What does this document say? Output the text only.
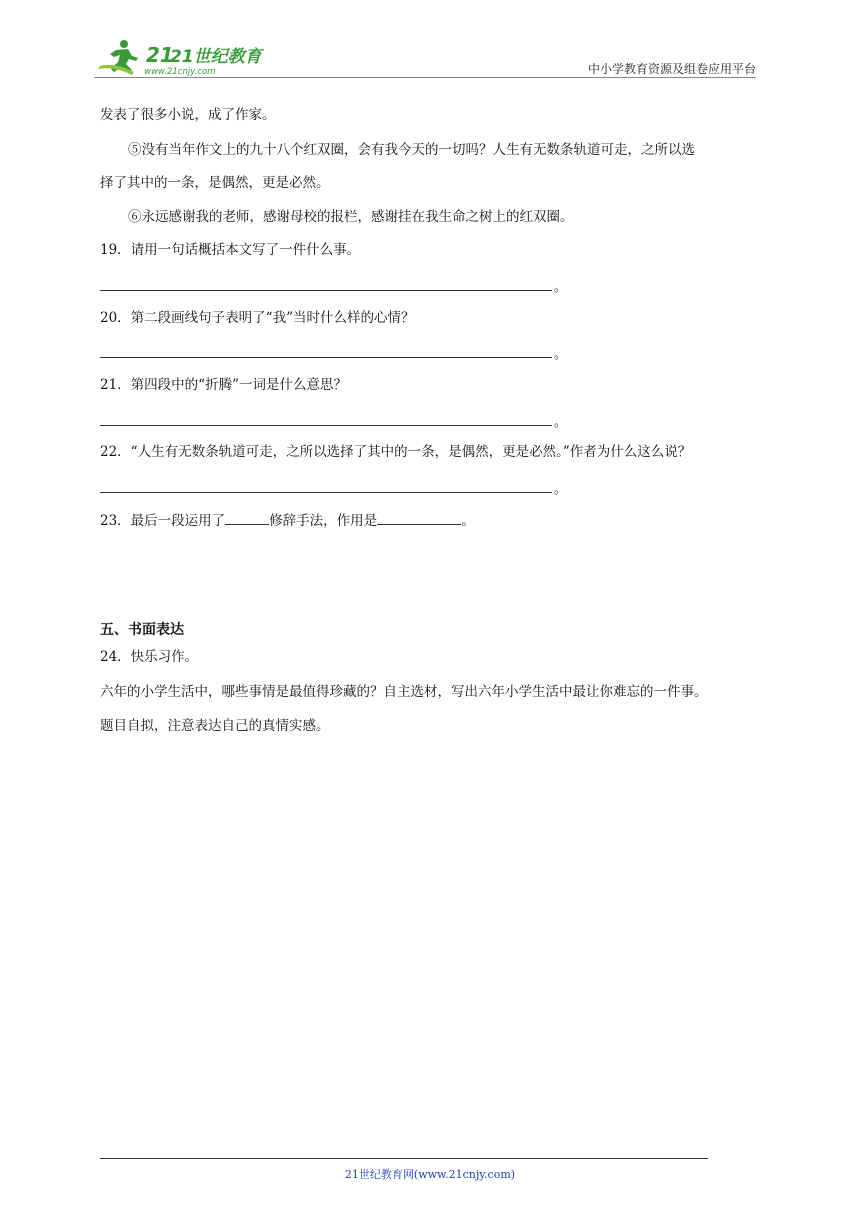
21
21世纪教育
www.21cnjy.com	中小学教育资源及组卷应用平台
发表了很多小说，成了作家。
⑤没有当年作文上的九十八个红双圈，会有我今天的一切吗？人生有无数条轨道可走，之所以选
择了其中的一条，是偶然，更是必然。
⑥永远感谢我的老师，感谢母校的报栏，感谢挂在我生命之树上的红双圈。
19．请用一句话概括本文写了一件什么事。
。
20．第二段画线句子表明了“我”当时什么样的心情？
。
21．第四段中的“折腾”一词是什么意思？
。
22．“人生有无数条轨道可走，之所以选择了其中的一条，是偶然，更是必然。”作者为什么这么说？
。
23．最后一段运用了	修辞手法，作用是	。
五、书面表达
24．快乐习作。
六年的小学生活中，哪些事情是最值得珍藏的？自主选材，写出六年小学生活中最让你难忘的一件事。
题目自拟，注意表达自己的真情实感。
21世纪教育网(www.21cnjy.com)
